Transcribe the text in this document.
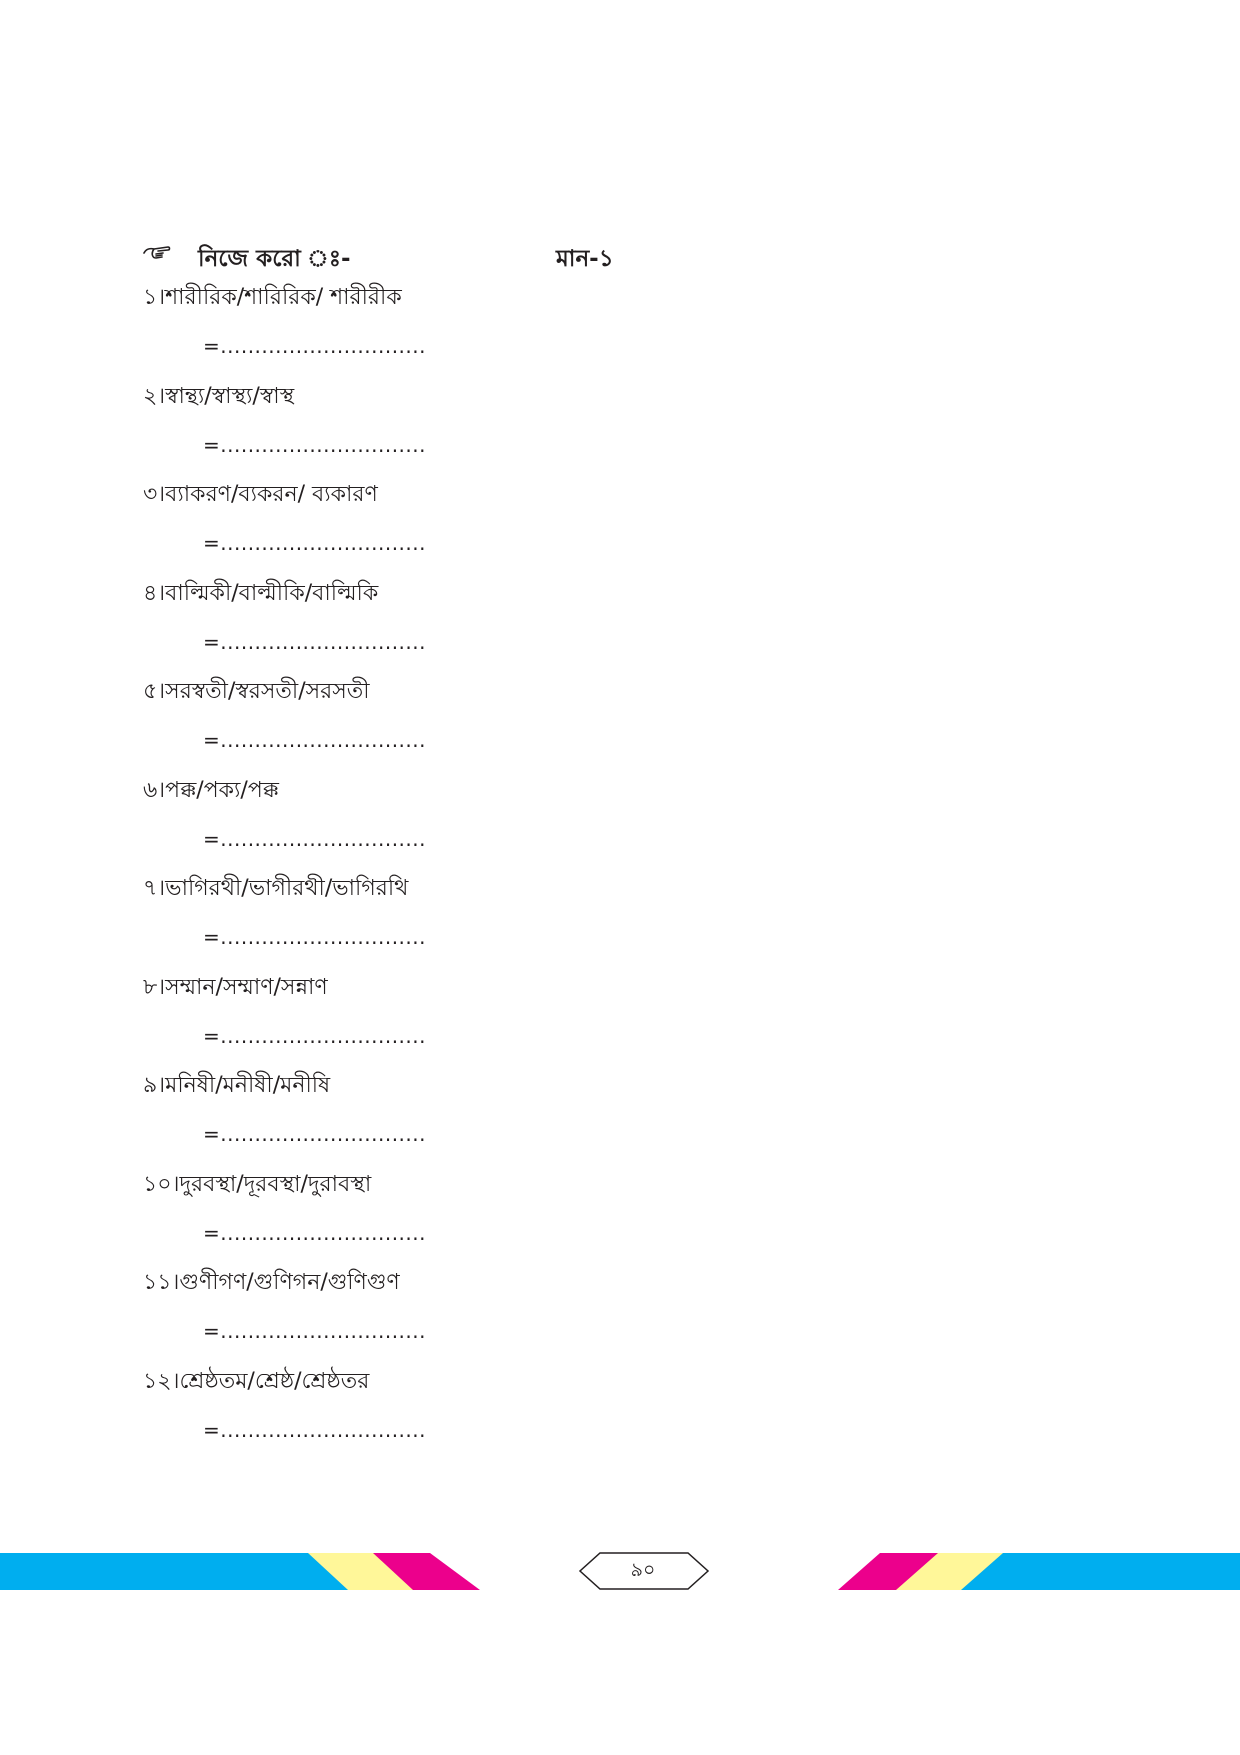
নিজে করো ঃ-	মান-১
১।শারীরিক/শারিরিক/ শারীরীক
=..............................
২।স্বান্থ্য/স্বাস্থ্য/স্বাস্থ
=..............................
৩।ব্যাকরণ/ব্যকরন/ ব্যকারণ
=..............................
৪।বাল্মিকী/বাল্মীকি/বাল্মিকি
=..............................
৫।সরস্বতী/স্বরসতী/সরসতী
=..............................
৬।পক্ক/পক্য/পক্ক
=..............................
৭।ভাগিরথী/ভাগীরথী/ভাগিরথি
=..............................
৮।সম্মান/সম্মাণ/সন্নাণ
=..............................
৯।মনিষী/মনীষী/মনীষি
=..............................
১০।দুরবস্থা/দূরবস্থা/দুরাবস্থা
=..............................
১১।গুণীগণ/গুণিগন/গুণিগুণ
=..............................
১২।শ্রেষ্ঠতম/শ্রেষ্ঠ/শ্রেষ্ঠতর
=..............................
৯০
